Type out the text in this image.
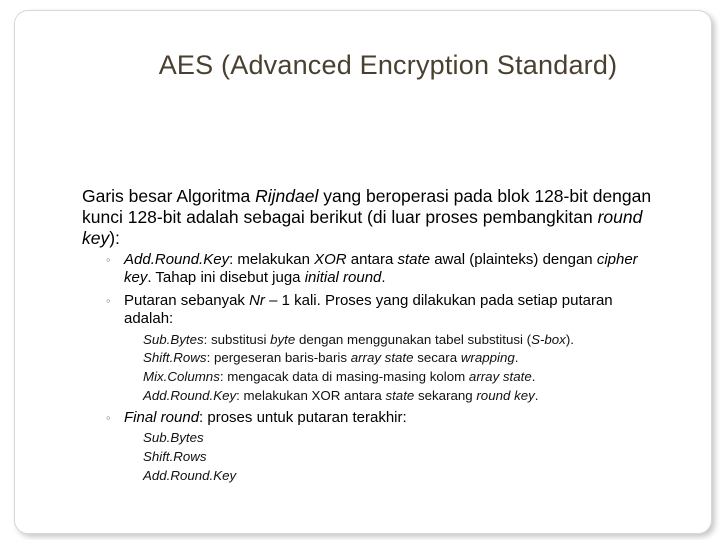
AES (Advanced Encryption Standard)
Garis besar Algoritma Rijndael yang beroperasi pada blok 128-bit dengan kunci 128-bit adalah sebagai berikut (di luar proses pembangkitan round key):
◦ Add.Round.Key: melakukan XOR antara state awal (plainteks) dengan cipher key. Tahap ini disebut juga initial round.
◦ Putaran sebanyak Nr – 1 kali. Proses yang dilakukan pada setiap putaran adalah:
Sub.Bytes: substitusi byte dengan menggunakan tabel substitusi (S-box).
Shift.Rows: pergeseran baris-baris array state secara wrapping.
Mix.Columns: mengacak data di masing-masing kolom array state.
Add.Round.Key: melakukan XOR antara state sekarang round key.
◦ Final round: proses untuk putaran terakhir:
Sub.Bytes
Shift.Rows
Add.Round.Key
